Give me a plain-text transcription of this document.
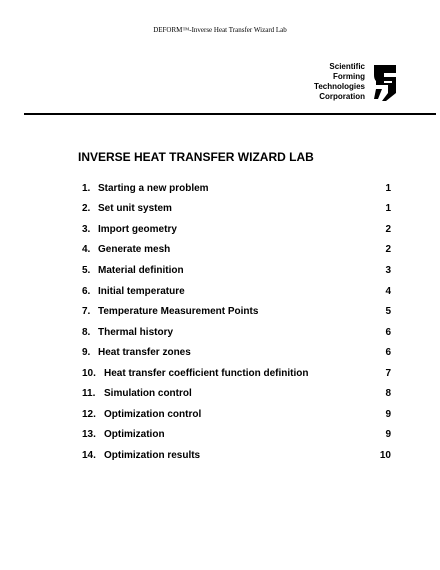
DEFORM™-Inverse Heat Transfer Wizard Lab
Scientific
Forming
Technologies
Corporation
INVERSE HEAT TRANSFER WIZARD LAB
1. Starting a new problem	1
2. Set unit system	1
3. Import geometry	2
4. Generate mesh	2
5. Material definition	3
6. Initial temperature	4
7. Temperature Measurement Points	5
8. Thermal history	6
9. Heat transfer zones	6
10. Heat transfer coefficient function definition	7
11. Simulation control	8
12. Optimization control	9
13. Optimization	9
14. Optimization results	10
